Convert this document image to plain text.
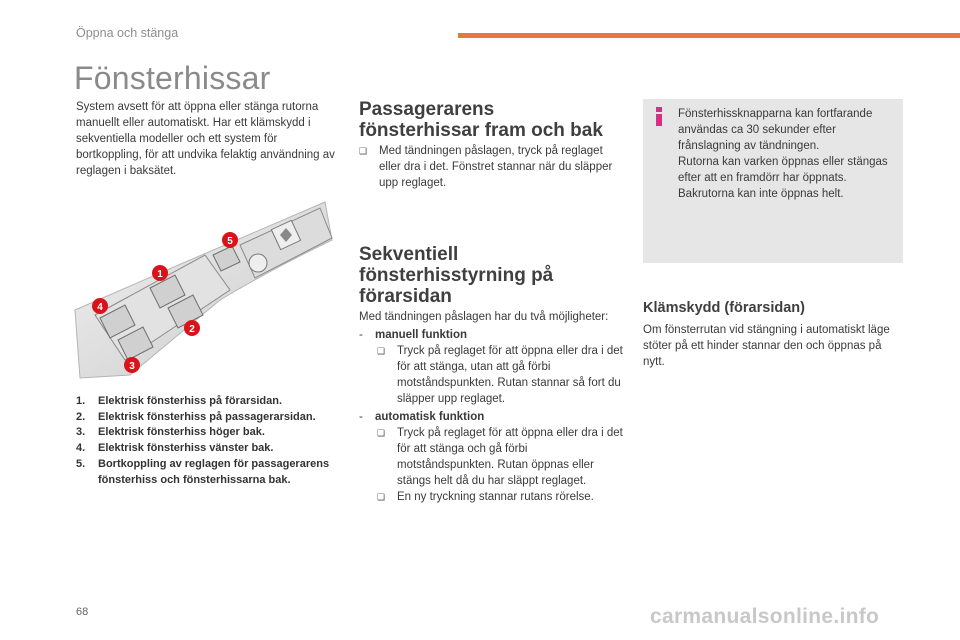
Öppna och stänga
Fönsterhissar
System avsett för att öppna eller stänga rutorna manuellt eller automatiskt. Har ett klämskydd i sekventiella modeller och ett system för bortkoppling, för att undvika felaktig användning av reglagen i baksätet.
5
1
2
4
3
1.	Elektrisk fönsterhiss på förarsidan.
2.	Elektrisk fönsterhiss på passagerarsidan.
3.	Elektrisk fönsterhiss höger bak.
4.	Elektrisk fönsterhiss vänster bak.
5.	Bortkoppling av reglagen för passagerarens fönsterhiss och fönsterhissarna bak.
Passagerarens fönsterhissar fram och bak
❑	Med tändningen påslagen, tryck på reglaget eller dra i det. Fönstret stannar när du släpper upp reglaget.
Sekventiell fönsterhisstyrning på förarsidan
Med tändningen påslagen har du två möjligheter:
-	manuell funktion
❑	Tryck på reglaget för att öppna eller dra i det för att stänga, utan att gå förbi motståndspunkten. Rutan stannar så fort du släpper upp reglaget.
-	automatisk funktion
❑	Tryck på reglaget för att öppna eller dra i det för att stänga och gå förbi motståndspunkten. Rutan öppnas eller stängs helt då du har släppt reglaget.
❑	En ny tryckning stannar rutans rörelse.
Fönsterhissknapparna kan fortfarande användas ca 30 sekunder efter frånslagning av tändningen.
Rutorna kan varken öppnas eller stängas efter att en framdörr har öppnats.
Bakrutorna kan inte öppnas helt.
Klämskydd (förarsidan)
Om fönsterrutan vid stängning i automatiskt läge stöter på ett hinder stannar den och öppnas på nytt.
68	carmanualsonline.info
